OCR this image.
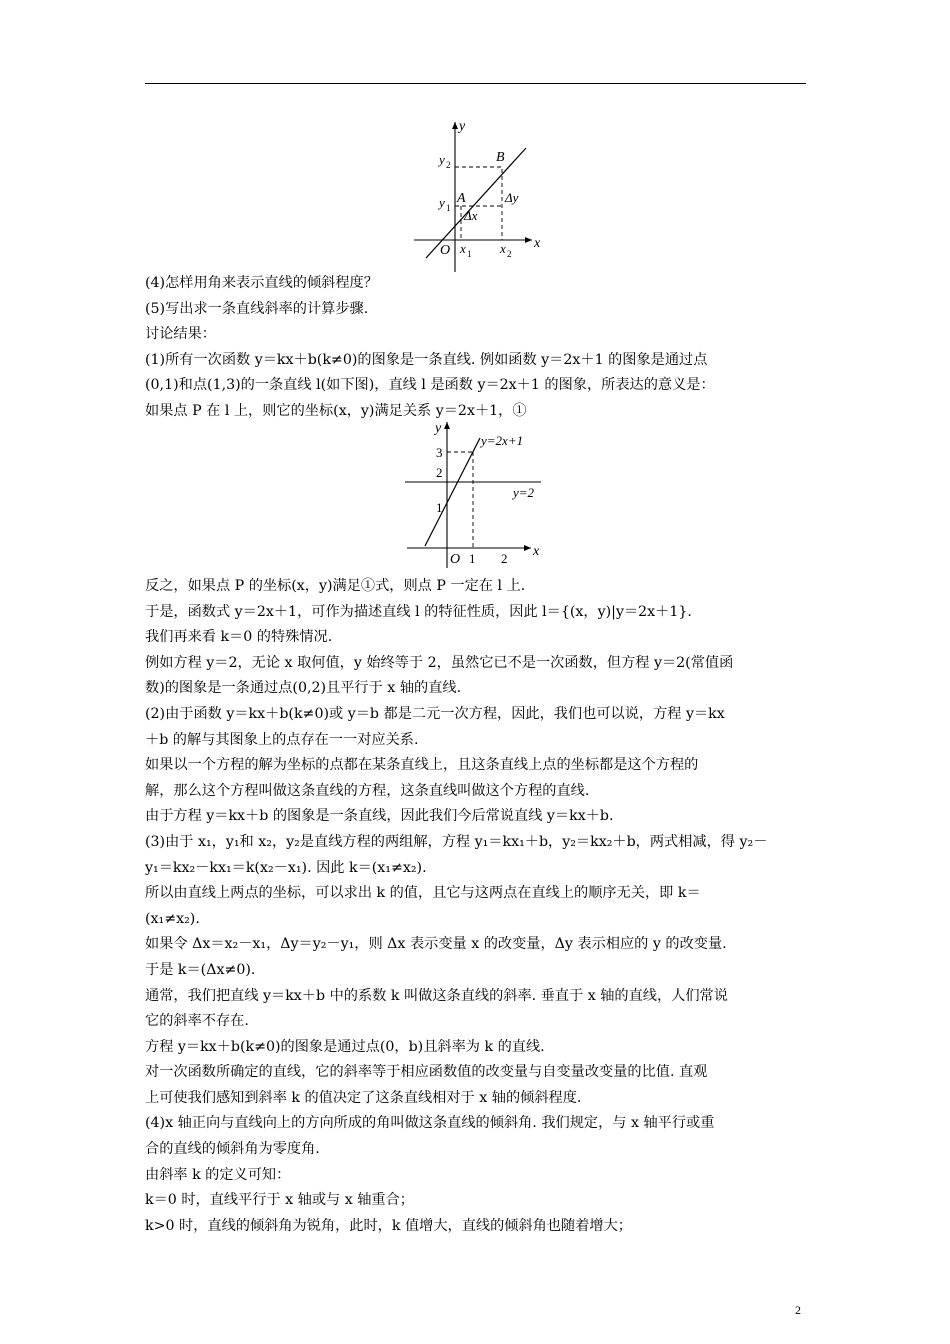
y
x
O
y 2
y 1
x 1 x 2
A
B
Δx
Δy
(4)怎样用角来表示直线的倾斜程度？
(5)写出求一条直线斜率的计算步骤.
讨论结果：
(1)所有一次函数 y＝kx＋b(k≠0)的图象是一条直线. 例如函数 y＝2x＋1 的图象是通过点
(0,1)和点(1,3)的一条直线 l(如下图)，直线 l 是函数 y＝2x＋1 的图象，所表达的意义是：
如果点 P 在 l 上，则它的坐标(x，y)满足关系 y＝2x＋1，①
y
x
O
3
2
1
1 2
y=2x+1
y=2
反之，如果点 P 的坐标(x，y)满足①式，则点 P 一定在 l 上.
于是，函数式 y＝2x＋1，可作为描述直线 l 的特征性质，因此 l＝{(x，y)|y＝2x＋1}.
我们再来看 k＝0 的特殊情况.
例如方程 y＝2，无论 x 取何值，y 始终等于 2，虽然它已不是一次函数，但方程 y＝2(常值函
数)的图象是一条通过点(0,2)且平行于 x 轴的直线.
(2)由于函数 y＝kx＋b(k≠0)或 y＝b 都是二元一次方程，因此，我们也可以说，方程 y＝kx
＋b 的解与其图象上的点存在一一对应关系.
如果以一个方程的解为坐标的点都在某条直线上，且这条直线上点的坐标都是这个方程的
解，那么这个方程叫做这条直线的方程，这条直线叫做这个方程的直线.
由于方程 y＝kx＋b 的图象是一条直线，因此我们今后常说直线 y＝kx＋b.
(3)由于 x₁，y₁和 x₂，y₂是直线方程的两组解，方程 y₁＝kx₁＋b，y₂＝kx₂＋b，两式相减，得 y₂－
y₁＝kx₂－kx₁＝k(x₂－x₁). 因此 k＝(x₁≠x₂).
所以由直线上两点的坐标，可以求出 k 的值，且它与这两点在直线上的顺序无关，即 k＝
(x₁≠x₂).
如果令 Δx＝x₂－x₁，Δy＝y₂－y₁，则 Δx 表示变量 x 的改变量，Δy 表示相应的 y 的改变量.
于是 k＝(Δx≠0).
通常，我们把直线 y＝kx＋b 中的系数 k 叫做这条直线的斜率. 垂直于 x 轴的直线，人们常说
它的斜率不存在.
方程 y＝kx＋b(k≠0)的图象是通过点(0，b)且斜率为 k 的直线.
对一次函数所确定的直线，它的斜率等于相应函数值的改变量与自变量改变量的比值. 直观
上可使我们感知到斜率 k 的值决定了这条直线相对于 x 轴的倾斜程度.
(4)x 轴正向与直线向上的方向所成的角叫做这条直线的倾斜角. 我们规定，与 x 轴平行或重
合的直线的倾斜角为零度角.
由斜率 k 的定义可知：
k＝0 时，直线平行于 x 轴或与 x 轴重合；
k>0 时，直线的倾斜角为锐角，此时，k 值增大，直线的倾斜角也随着增大；
2
